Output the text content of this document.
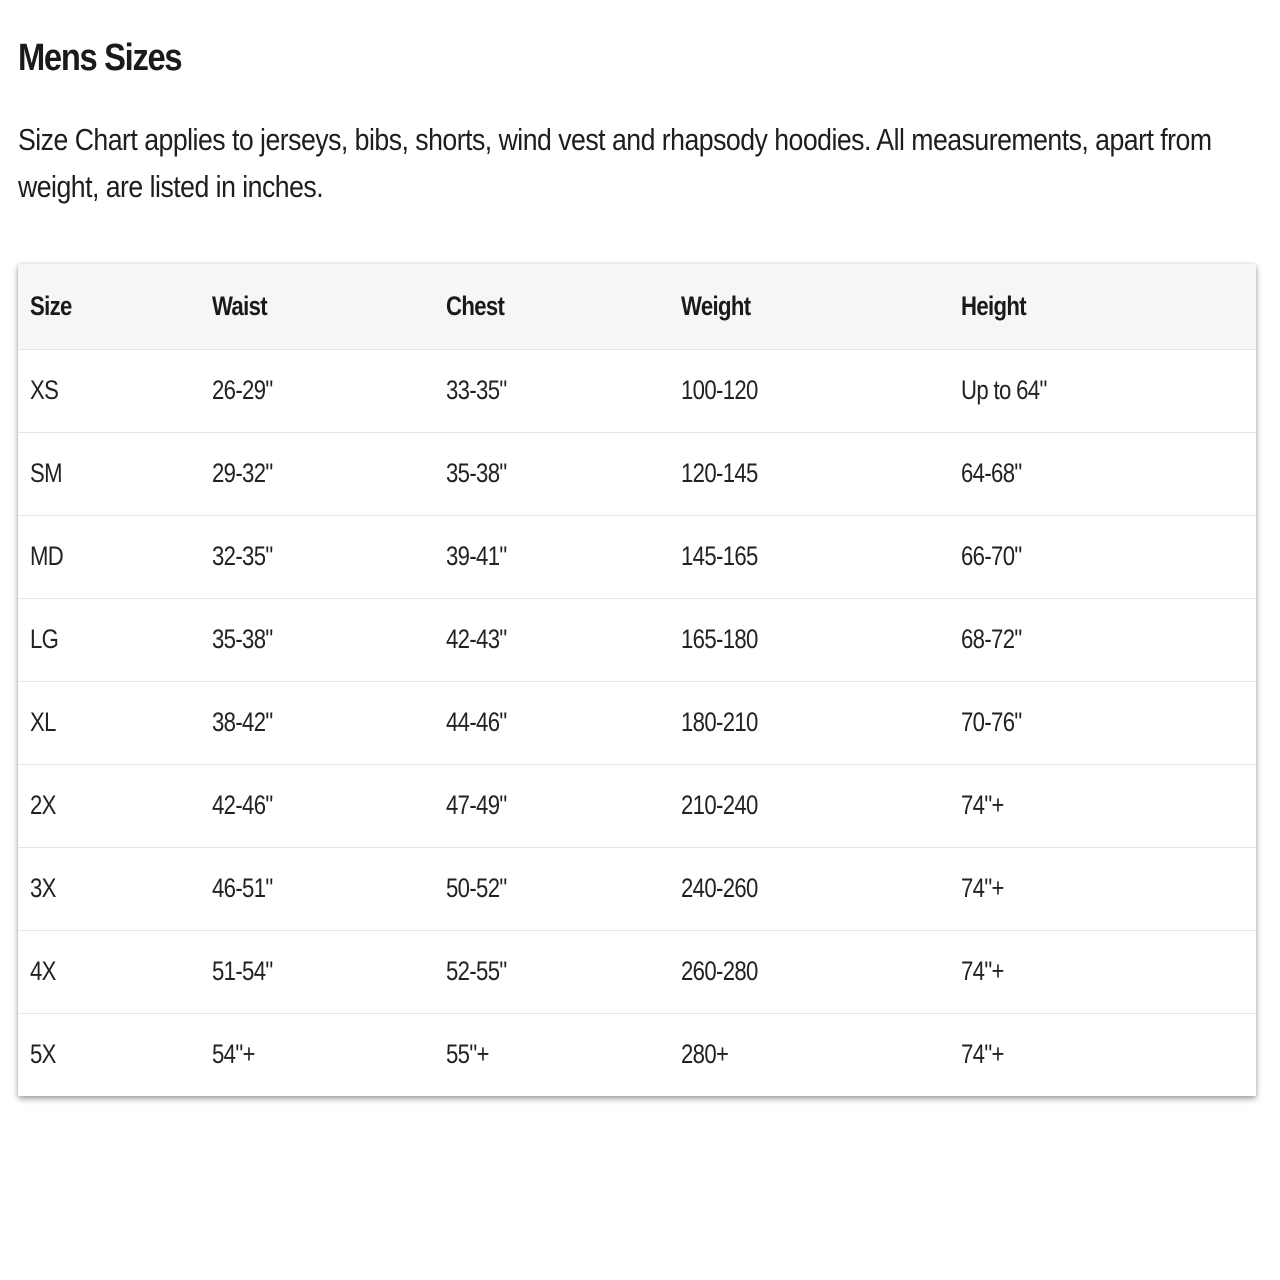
Mens Sizes
Size Chart applies to jerseys, bibs, shorts, wind vest and rhapsody hoodies. All measurements, apart from weight, are listed in inches.
Size	Waist	Chest	Weight	Height
XS	26-29"	33-35"	100-120	Up to 64"
SM	29-32"	35-38"	120-145	64-68"
MD	32-35"	39-41"	145-165	66-70"
LG	35-38"	42-43"	165-180	68-72"
XL	38-42"	44-46"	180-210	70-76"
2X	42-46"	47-49"	210-240	74"+
3X	46-51"	50-52"	240-260	74"+
4X	51-54"	52-55"	260-280	74"+
5X	54"+	55"+	280+	74"+
